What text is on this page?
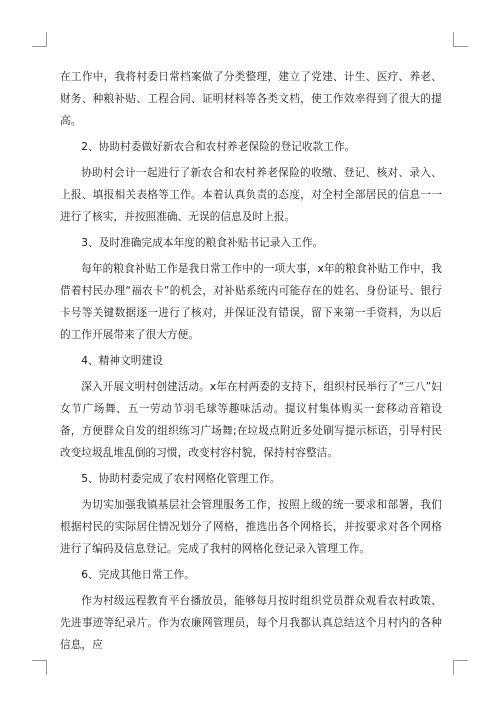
在工作中，我将村委日常档案做了分类整理，建立了党建、计生、医疗、养老、财务、种粮补贴、工程合同、证明材料等各类文档，使工作效率得到了很大的提高。

2、协助村委做好新农合和农村养老保险的登记收款工作。

协助村会计一起进行了新农合和农村养老保险的收缴、登记、核对、录入、上报、填报相关表格等工作。本着认真负责的态度，对全村全部居民的信息一一进行了核实，并按照准确、无误的信息及时上报。

3、及时准确完成本年度的粮食补贴书记录入工作。

每年的粮食补贴工作是我日常工作中的一项大事，x年的粮食补贴工作中，我借着村民办理“福农卡”的机会，对补贴系统内可能存在的姓名、身份证号、银行卡号等关键数据逐一进行了核对，并保证没有错误，留下来第一手资料，为以后的工作开展带来了很大方便。

4、精神文明建设

深入开展文明村创建活动。x年在村两委的支持下，组织村民举行了“三八”妇女节广场舞、五一劳动节羽毛球等趣味活动。提议村集体购买一套移动音箱设备，方便群众自发的组织练习广场舞;在垃圾点附近多处刷写提示标语，引导村民改变垃圾乱堆乱倒的习惯，改变村容村貌，保持村容整洁。

5、协助村委完成了农村网格化管理工作。

为切实加强我镇基层社会管理服务工作，按照上级的统一要求和部署，我们根据村民的实际居住情况划分了网格，推选出各个网格长，并按要求对各个网格进行了编码及信息登记。完成了我村的网格化登记录入管理工作。

6、完成其他日常工作。

作为村级远程教育平台播放员，能够每月按时组织党员群众观看农村政策、先进事迹等纪录片。作为农廉网管理员，每个月我都认真总结这个月村内的各种信息，应
